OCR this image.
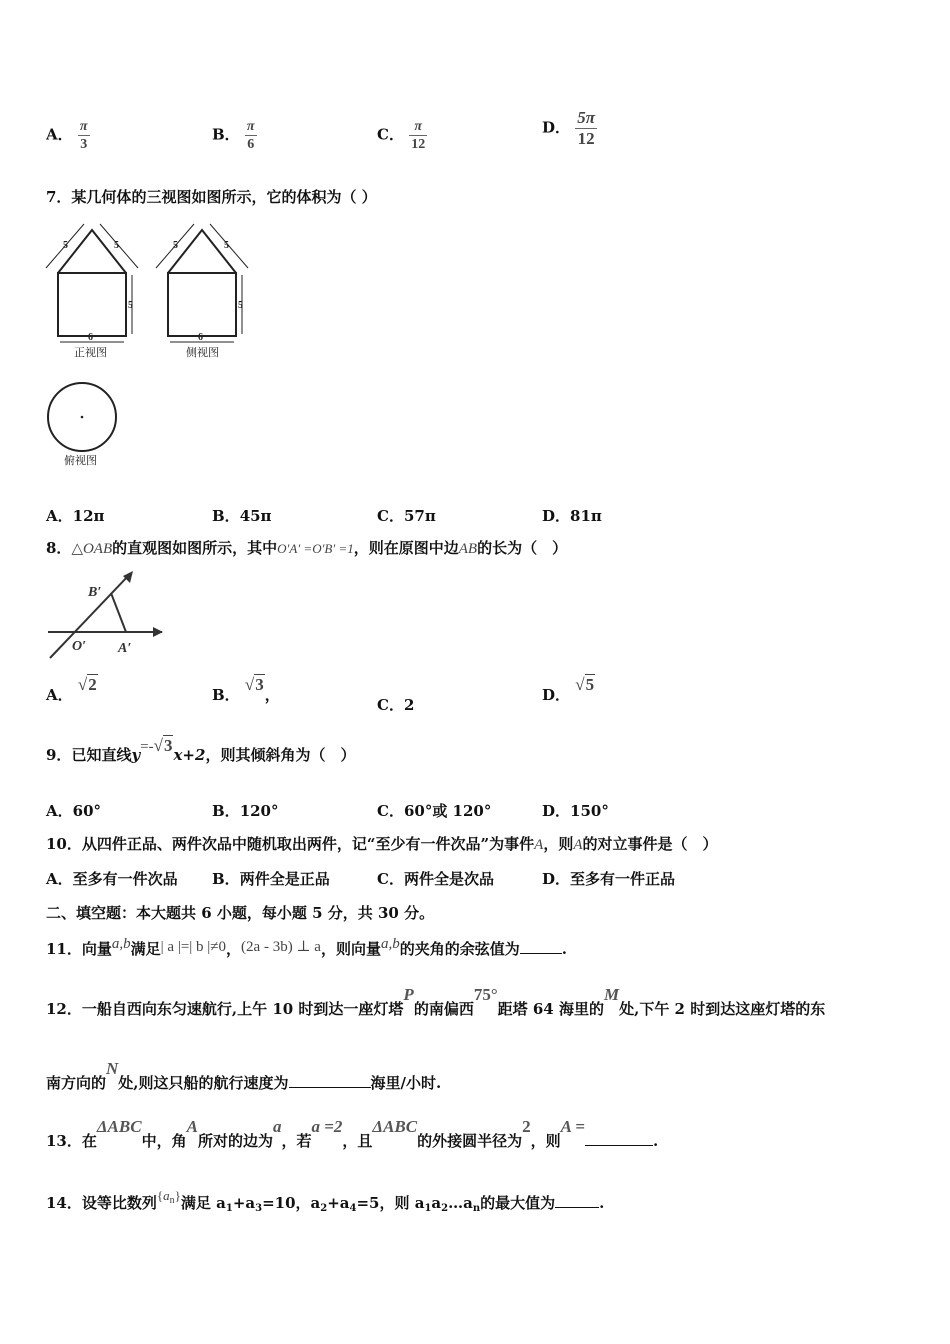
A． $\frac{\pi}{3}$	B． $\frac{\pi}{6}$	C． $\frac{\pi}{12}$	D． $\frac{5\pi}{12}$
7．某几何体的三视图如图所示，它的体积为（ ）
5	5
5
6
正视图
5	5
5
6
侧视图
俯视图
A．12π	B．45π	C．57π	D．81π
8．△OAB的直观图如图所示，其中O′A′ =O′B′ =1，则在原图中边AB的长为（　）
B′
O′ A′
A． √2
B． √3，
C．2
D． √5
9．已知直线y=-√3x+2，则其倾斜角为（　）
A．60°	B．120°	C．60°或 120°	D．150°
10．从四件正品、两件次品中随机取出两件，记“至少有一件次品”为事件A，则A的对立事件是（　）
A．至多有一件次品 B．两件全是正品	C．两件全是次品	D．至多有一件正品
二、填空题：本大题共 6 小题，每小题 5 分，共 30 分。
11．向量a,b满足| a |=| b |≠0，(2a - 3b) ⊥ a，则向量a,b的夹角的余弦值为	.
12．一船自西向东匀速航行,上午 10 时到达一座灯塔P的南偏西75°距塔 64 海里的M处,下午 2 时到达这座灯塔的东
南方向的N处,则这只船的航行速度为	海里/小时.
13．在ΔABC中，角A所对的边为a，若a =2，且ΔABC的外接圆半径为2，则A =.
14．设等比数列$\{a_n\}$满足 $a_1+a_3=10$，$a_2+a_4=5$，则 $a_1a_2\dots a_n$的最大值为	.
